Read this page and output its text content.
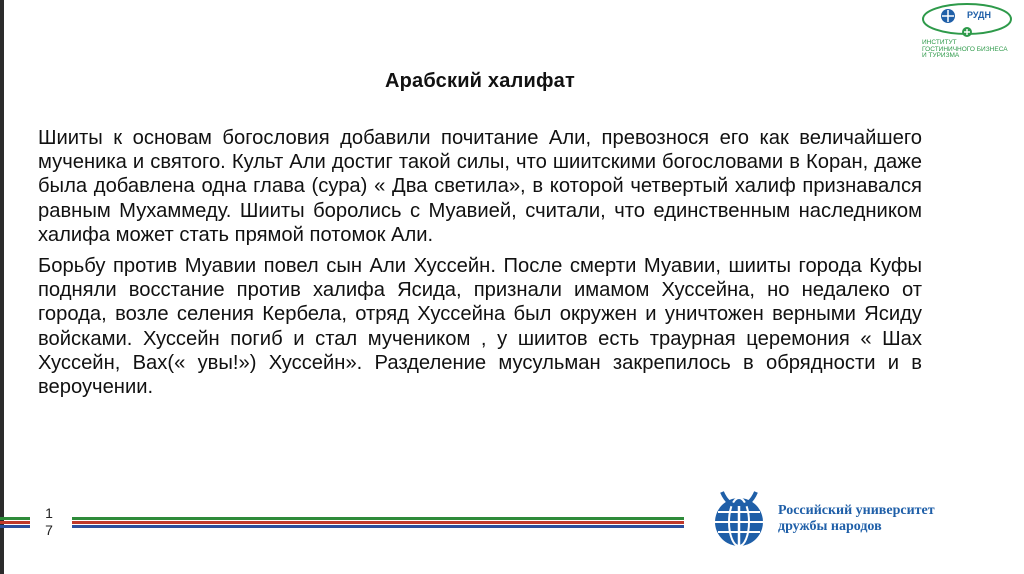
РУДН
ИНСТИТУТ
ГОСТИНИЧНОГО БИЗНЕСА
И ТУРИЗМА
Арабский халифат

Шииты к основам богословия добавили почитание Али, превознося его как величайшего мученика и святого. Культ Али достиг такой силы, что шиитскими богословами в Коран, даже была добавлена одна глава (сура) « Два светила», в которой четвертый халиф признавался равным Мухаммеду. Шииты боролись с Муавией, считали, что единственным наследником халифа может стать прямой потомок Али.

Борьбу против Муавии повел сын Али Хуссейн. После смерти Муавии, шииты города Куфы подняли восстание против халифа Ясида, признали имамом Хуссейна, но недалеко от города, возле селения Кербела, отряд Хуссейна был окружен и уничтожен верными Ясиду войсками. Хуссейн погиб и стал мучеником , у шиитов есть траурная церемония « Шах Хуссейн, Вах(« увы!») Хуссейн». Разделение мусульман закрепилось в обрядности и в вероучении.

1
7
Российский университет
дружбы народов
